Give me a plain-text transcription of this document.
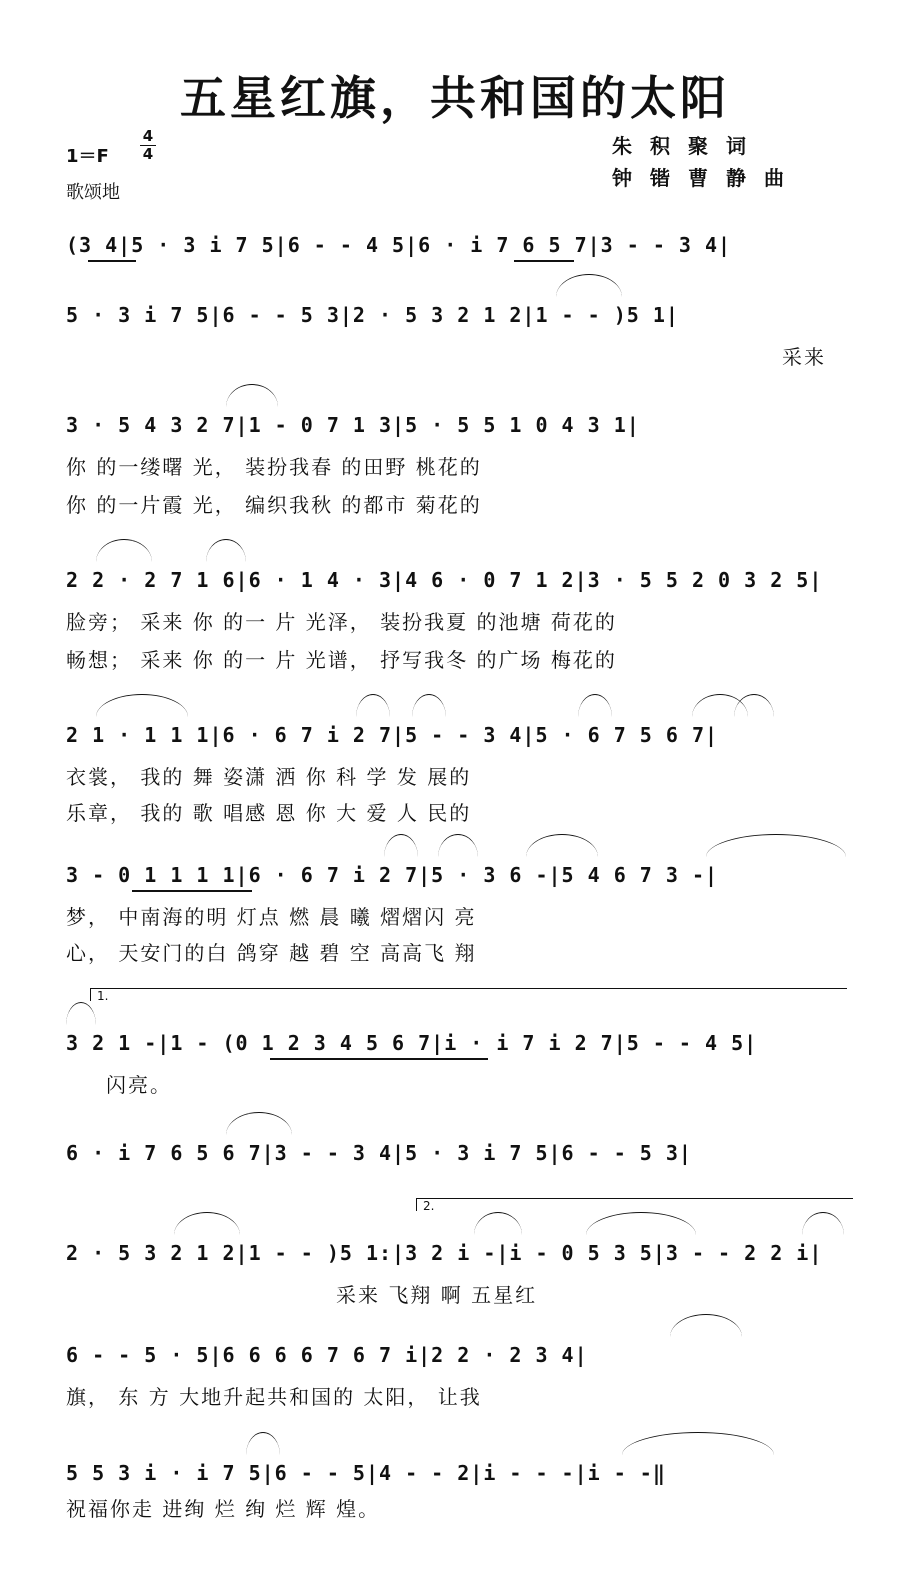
五星红旗，共和国的太阳
1＝F
4
4
歌颂地
朱积聚词
钟锴曹静曲
(3 4|5 · 3 i 7 5|6 - - 4 5|6 · i 7 6 5 7|3 - - 3 4|
5 · 3 i 7 5|6 - - 5 3|2 · 5 3 2 1 2|1 - - )5 1|
采来
3 · 5 4 3 2 7|1 - 0 7 1 3|5 · 5 5 1 0 4 3 1|
你 的一缕曙 光， 装扮我春 的田野 桃花的
你 的一片霞 光， 编织我秋 的都市 菊花的
2 2 · 2 7 1 6|6 · 1 4 · 3|4 6 · 0 7 1 2|3 · 5 5 2 0 3 2 5|
脸旁； 采来 你 的一 片 光泽， 装扮我夏 的池塘 荷花的
畅想； 采来 你 的一 片 光谱， 抒写我冬 的广场 梅花的
2 1 · 1 1 1|6 · 6 7 i 2 7|5 - - 3 4|5 · 6 7 5 6 7|
衣裳， 我的 舞 姿潇 洒 你 科 学 发 展的
乐章， 我的 歌 唱感 恩 你 大 爱 人 民的
3 - 0 1 1 1 1|6 · 6 7 i 2 7|5 · 3 6 -|5 4 6 7 3 -|
梦， 中南海的明 灯点 燃 晨 曦 熠熠闪 亮
心， 天安门的白 鸽穿 越 碧 空 高高飞 翔
1.
3 2 1 -|1 - (0 1 2 3 4 5 6 7|i · i 7 i 2 7|5 - - 4 5|
闪亮。
6 · i 7 6 5 6 7|3 - - 3 4|5 · 3 i 7 5|6 - - 5 3|
2.
2 · 5 3 2 1 2|1 - - )5 1:|3 2 i -|i - 0 5 3 5|3 - - 2 2 i|
采来 飞翔 啊 五星红
6 - - 5 · 5|6 6 6 6 7 6 7 i|2 2 · 2 3 4|
旗， 东 方 大地升起共和国的 太阳， 让我
5 5 3 i · i 7 5|6 - - 5|4 - - 2|i - - -|i - -‖
祝福你走 进绚 烂 绚 烂 辉 煌。
